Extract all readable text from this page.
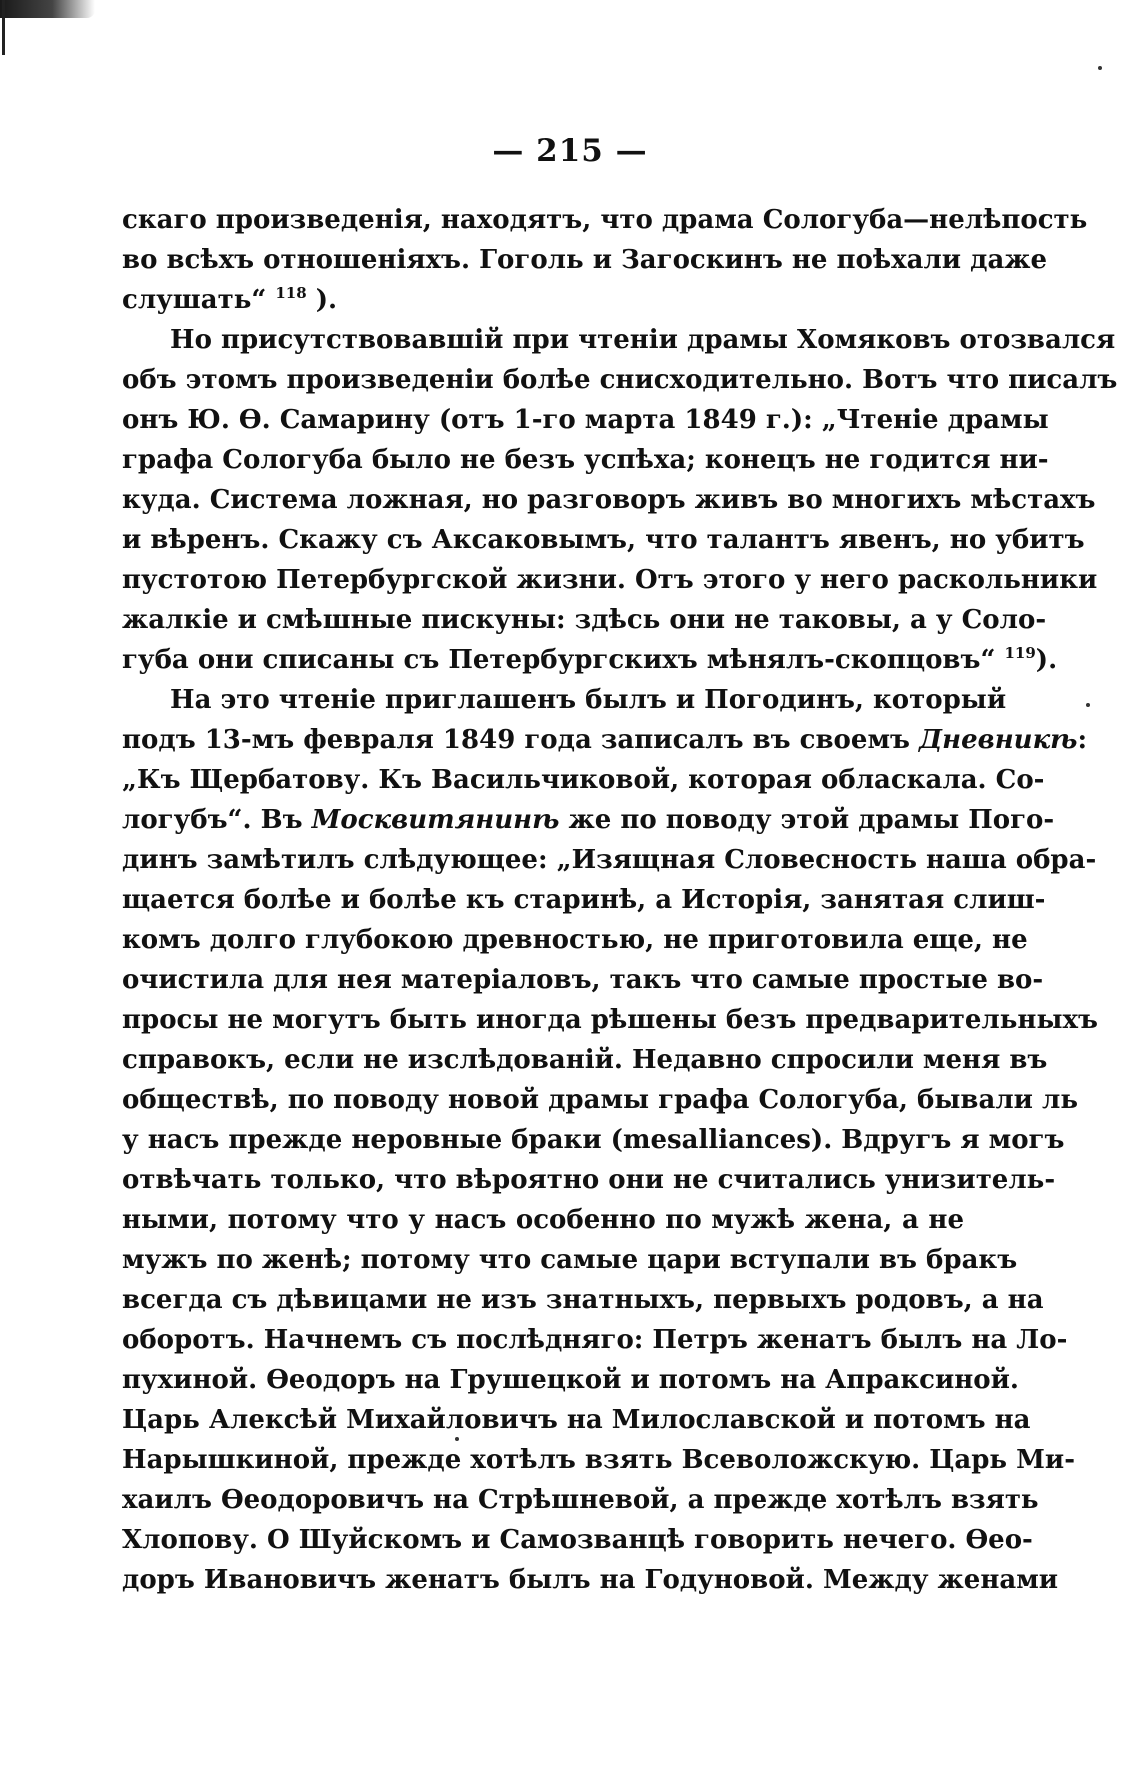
— 215 —
скаго произведенія, находятъ, что драма Сологуба—нелѣпость
во всѣхъ отношеніяхъ. Гоголь и Загоскинъ не поѣхали даже
слушать“ $^{118}$ ).
Но присутствовавшій при чтеніи драмы Хомяковъ отозвался
объ этомъ произведеніи болѣе снисходительно. Вотъ что писалъ
онъ Ю. Ѳ. Самарину (отъ 1-го марта 1849 г.): „Чтеніе драмы
графа Сологуба было не безъ успѣха; конецъ не годится ни-
куда. Система ложная, но разговоръ живъ во многихъ мѣстахъ
и вѣренъ. Скажу съ Аксаковымъ, что талантъ явенъ, но убитъ
пустотою Петербургской жизни. Отъ этого у него раскольники
жалкіе и смѣшные пискуны: здѣсь они не таковы, а у Соло-
губа они списаны съ Петербургскихъ мѣнялъ-скопцовъ“ $^{119}$).
На это чтеніе приглашенъ былъ и Погодинъ, который
подъ 13-мъ февраля 1849 года записалъ въ своемъ Дневникѣ:
„Къ Щербатову. Къ Васильчиковой, которая обласкала. Со-
логубъ“. Въ Москвитянинѣ же по поводу этой драмы Пого-
динъ замѣтилъ слѣдующее: „Изящная Словесность наша обра-
щается болѣе и болѣе къ старинѣ, а Исторія, занятая слиш-
комъ долго глубокою древностью, не приготовила еще, не
очистила для нея матеріаловъ, такъ что самые простые во-
просы не могутъ быть иногда рѣшены безъ предварительныхъ
справокъ, если не изслѣдованій. Недавно спросили меня въ
обществѣ, по поводу новой драмы графа Сологуба, бывали ль
у насъ прежде неровные браки (mesalliances). Вдругъ я могъ
отвѣчать только, что вѣроятно они не считались унизитель-
ными, потому что у насъ особенно по мужѣ жена, а не
мужъ по женѣ; потому что самые цари вступали въ бракъ
всегда съ дѣвицами не изъ знатныхъ, первыхъ родовъ, а на
оборотъ. Начнемъ съ послѣдняго: Петръ женатъ былъ на Ло-
пухиной. Ѳеодоръ на Грушецкой и потомъ на Апраксиной.
Царь Алексѣй Михайловичъ на Милославской и потомъ на
Нарышкиной, прежде хотѣлъ взять Всеволожскую. Царь Ми-
хаилъ Ѳеодоровичъ на Стрѣшневой, а прежде хотѣлъ взять
Хлопову. О Шуйскомъ и Самозванцѣ говорить нечего. Ѳео-
доръ Ивановичъ женатъ былъ на Годуновой. Между женами
